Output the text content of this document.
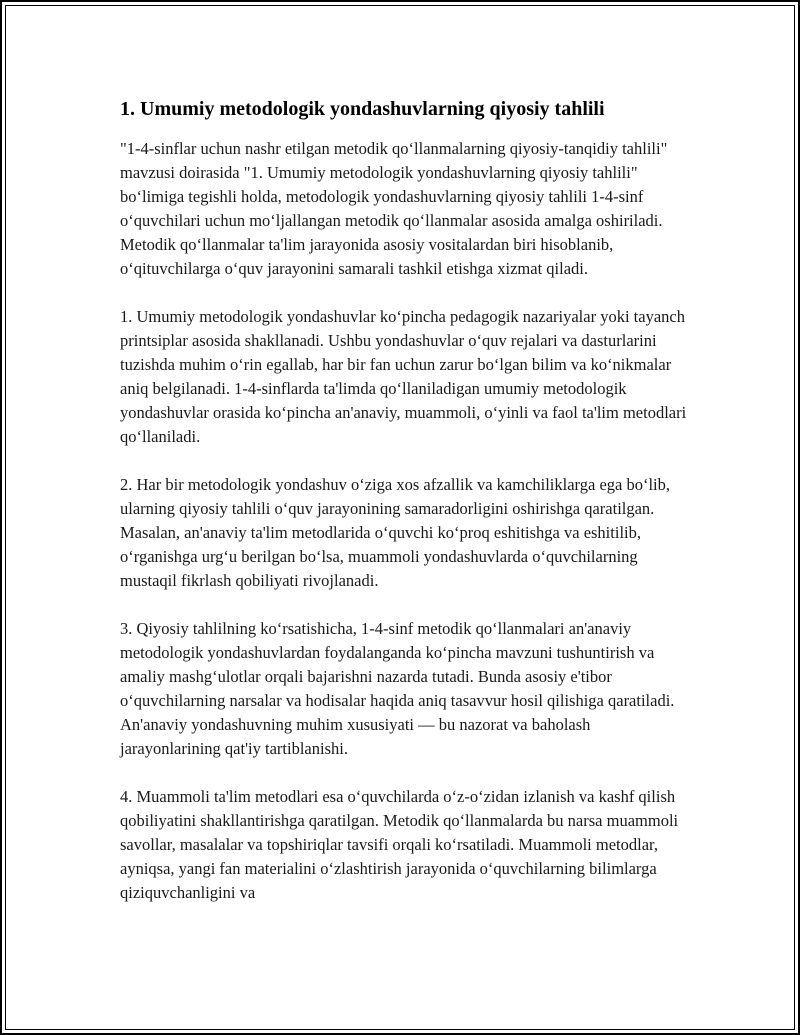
1. Umumiy metodologik yondashuvlarning qiyosiy tahlili

"1-4-sinflar uchun nashr etilgan metodik qo‘llanmalarning qiyosiy-tanqidiy tahlili" mavzusi doirasida "1. Umumiy metodologik yondashuvlarning qiyosiy tahlili" bo‘limiga tegishli holda, metodologik yondashuvlarning qiyosiy tahlili 1-4-sinf o‘quvchilari uchun mo‘ljallangan metodik qo‘llanmalar asosida amalga oshiriladi. Metodik qo‘llanmalar ta'lim jarayonida asosiy vositalardan biri hisoblanib, o‘qituvchilarga o‘quv jarayonini samarali tashkil etishga xizmat qiladi.

1. Umumiy metodologik yondashuvlar ko‘pincha pedagogik nazariyalar yoki tayanch printsiplar asosida shakllanadi. Ushbu yondashuvlar o‘quv rejalari va dasturlarini tuzishda muhim o‘rin egallab, har bir fan uchun zarur bo‘lgan bilim va ko‘nikmalar aniq belgilanadi. 1-4-sinflarda ta'limda qo‘llaniladigan umumiy metodologik yondashuvlar orasida ko‘pincha an'anaviy, muammoli, o‘yinli va faol ta'lim metodlari qo‘llaniladi.

2. Har bir metodologik yondashuv o‘ziga xos afzallik va kamchiliklarga ega bo‘lib, ularning qiyosiy tahlili o‘quv jarayonining samaradorligini oshirishga qaratilgan. Masalan, an'anaviy ta'lim metodlarida o‘quvchi ko‘proq eshitishga va eshitilib, o‘rganishga urg‘u berilgan bo‘lsa, muammoli yondashuvlarda o‘quvchilarning mustaqil fikrlash qobiliyati rivojlanadi.

3. Qiyosiy tahlilning ko‘rsatishicha, 1-4-sinf metodik qo‘llanmalari an'anaviy metodologik yondashuvlardan foydalanganda ko‘pincha mavzuni tushuntirish va amaliy mashg‘ulotlar orqali bajarishni nazarda tutadi. Bunda asosiy e'tibor o‘quvchilarning narsalar va hodisalar haqida aniq tasavvur hosil qilishiga qaratiladi. An'anaviy yondashuvning muhim xususiyati — bu nazorat va baholash jarayonlarining qat'iy tartiblanishi.

4. Muammoli ta'lim metodlari esa o‘quvchilarda o‘z-o‘zidan izlanish va kashf qilish qobiliyatini shakllantirishga qaratilgan. Metodik qo‘llanmalarda bu narsa muammoli savollar, masalalar va topshiriqlar tavsifi orqali ko‘rsatiladi. Muammoli metodlar, ayniqsa, yangi fan materialini o‘zlashtirish jarayonida o‘quvchilarning bilimlarga qiziquvchanligini va
